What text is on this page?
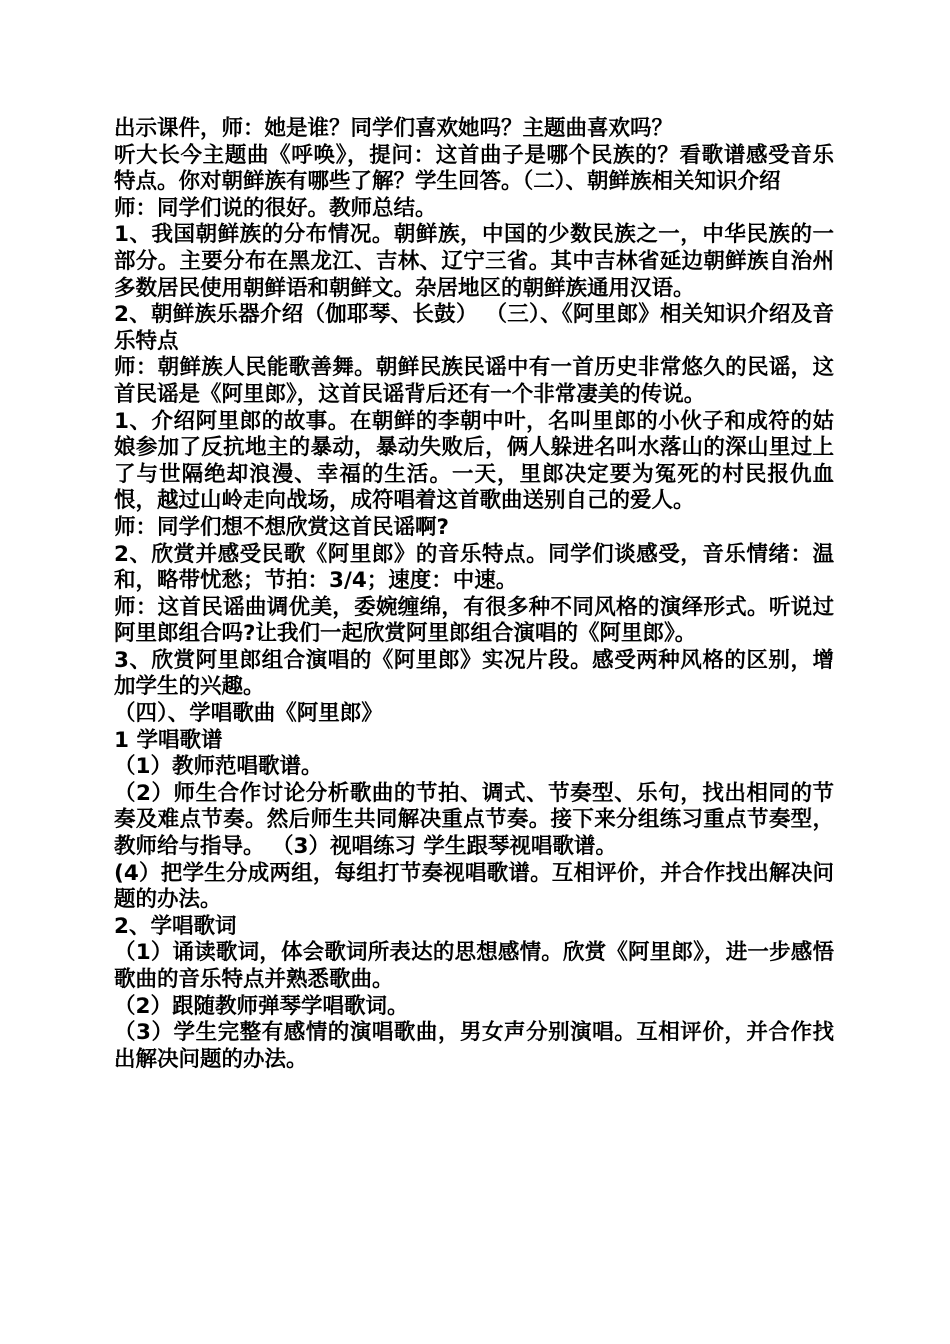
出示课件，师：她是谁？同学们喜欢她吗？主题曲喜欢吗？

听大长今主题曲《呼唤》，提问：这首曲子是哪个民族的？看歌谱感受音乐特点。你对朝鲜族有哪些了解？学生回答。（二）、朝鲜族相关知识介绍

师：同学们说的很好。教师总结。

1、我国朝鲜族的分布情况。朝鲜族，中国的少数民族之一，中华民族的一部分。主要分布在黑龙江、吉林、辽宁三省。其中吉林省延边朝鲜族自治州多数居民使用朝鲜语和朝鲜文。杂居地区的朝鲜族通用汉语。

2、朝鲜族乐器介绍（伽耶琴、长鼓） （三）、《阿里郎》相关知识介绍及音乐特点

师：朝鲜族人民能歌善舞。朝鲜民族民谣中有一首历史非常悠久的民谣，这首民谣是《阿里郎》，这首民谣背后还有一个非常凄美的传说。

1、介绍阿里郎的故事。在朝鲜的李朝中叶，名叫里郎的小伙子和成符的姑娘参加了反抗地主的暴动，暴动失败后，俩人躲进名叫水落山的深山里过上了与世隔绝却浪漫、幸福的生活。一天，里郎决定要为冤死的村民报仇血恨，越过山岭走向战场，成符唱着这首歌曲送别自己的爱人。

师：同学们想不想欣赏这首民谣啊?

2、欣赏并感受民歌《阿里郎》的音乐特点。同学们谈感受，音乐情绪：温和，略带忧愁；节拍：3/4；速度：中速。

师：这首民谣曲调优美，委婉缠绵，有很多种不同风格的演绎形式。听说过阿里郎组合吗?让我们一起欣赏阿里郎组合演唱的《阿里郎》。

3、欣赏阿里郎组合演唱的《阿里郎》实况片段。感受两种风格的区别，增加学生的兴趣。

（四）、学唱歌曲《阿里郎》

1 学唱歌谱

（1）教师范唱歌谱。

（2）师生合作讨论分析歌曲的节拍、调式、节奏型、乐句，找出相同的节奏及难点节奏。然后师生共同解决重点节奏。接下来分组练习重点节奏型，教师给与指导。 （3）视唱练习 学生跟琴视唱歌谱。

(4）把学生分成两组，每组打节奏视唱歌谱。互相评价，并合作找出解决问题的办法。

2、学唱歌词

（1）诵读歌词，体会歌词所表达的思想感情。欣赏《阿里郎》，进一步感悟歌曲的音乐特点并熟悉歌曲。

（2）跟随教师弹琴学唱歌词。

（3）学生完整有感情的演唱歌曲，男女声分别演唱。互相评价，并合作找出解决问题的办法。
